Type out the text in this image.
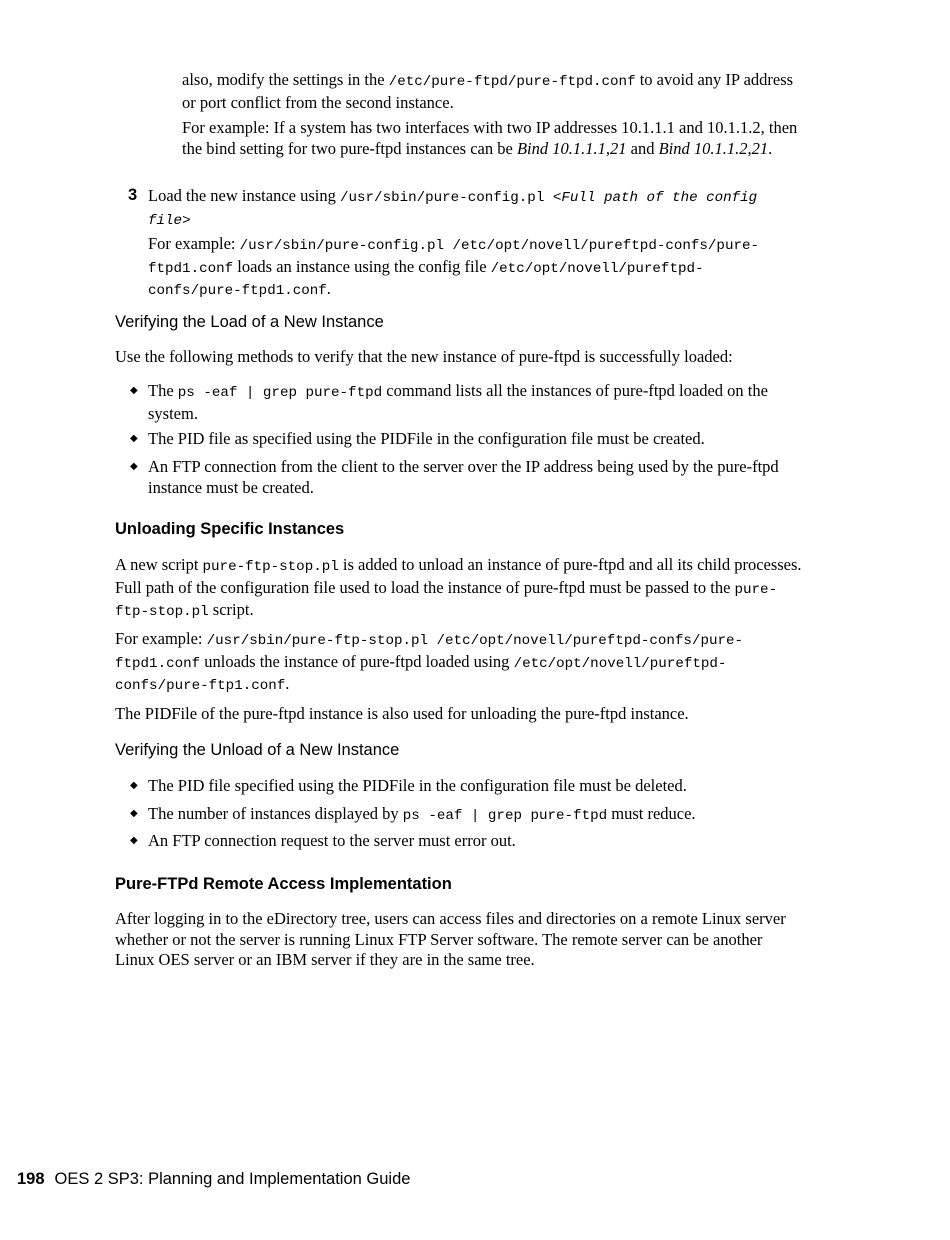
also, modify the settings in the /etc/pure-ftpd/pure-ftpd.conf to avoid any IP address or port conflict from the second instance.

For example: If a system has two interfaces with two IP addresses 10.1.1.1 and 10.1.1.2, then the bind setting for two pure-ftpd instances can be Bind 10.1.1.1,21 and Bind 10.1.1.2,21.

3 Load the new instance using /usr/sbin/pure-config.pl <Full path of the config file>

For example: /usr/sbin/pure-config.pl /etc/opt/novell/pureftpd-confs/pure-ftpd1.conf loads an instance using the config file /etc/opt/novell/pureftpd-confs/pure-ftpd1.conf.

Verifying the Load of a New Instance

Use the following methods to verify that the new instance of pure-ftpd is successfully loaded:

◆ The ps -eaf | grep pure-ftpd command lists all the instances of pure-ftpd loaded on the system.

◆ The PID file as specified using the PIDFile in the configuration file must be created.

◆ An FTP connection from the client to the server over the IP address being used by the pure-ftpd instance must be created.

Unloading Specific Instances

A new script pure-ftp-stop.pl is added to unload an instance of pure-ftpd and all its child processes. Full path of the configuration file used to load the instance of pure-ftpd must be passed to the pure-ftp-stop.pl script.

For example: /usr/sbin/pure-ftp-stop.pl /etc/opt/novell/pureftpd-confs/pure-ftpd1.conf unloads the instance of pure-ftpd loaded using /etc/opt/novell/pureftpd-confs/pure-ftp1.conf.

The PIDFile of the pure-ftpd instance is also used for unloading the pure-ftpd instance.

Verifying the Unload of a New Instance
◆ The PID file specified using the PIDFile in the configuration file must be deleted.

◆ The number of instances displayed by ps -eaf | grep pure-ftpd must reduce.

◆ An FTP connection request to the server must error out.

Pure-FTPd Remote Access Implementation

After logging in to the eDirectory tree, users can access files and directories on a remote Linux server whether or not the server is running Linux FTP Server software. The remote server can be another Linux OES server or an IBM server if they are in the same tree.

198 OES 2 SP3: Planning and Implementation Guide
